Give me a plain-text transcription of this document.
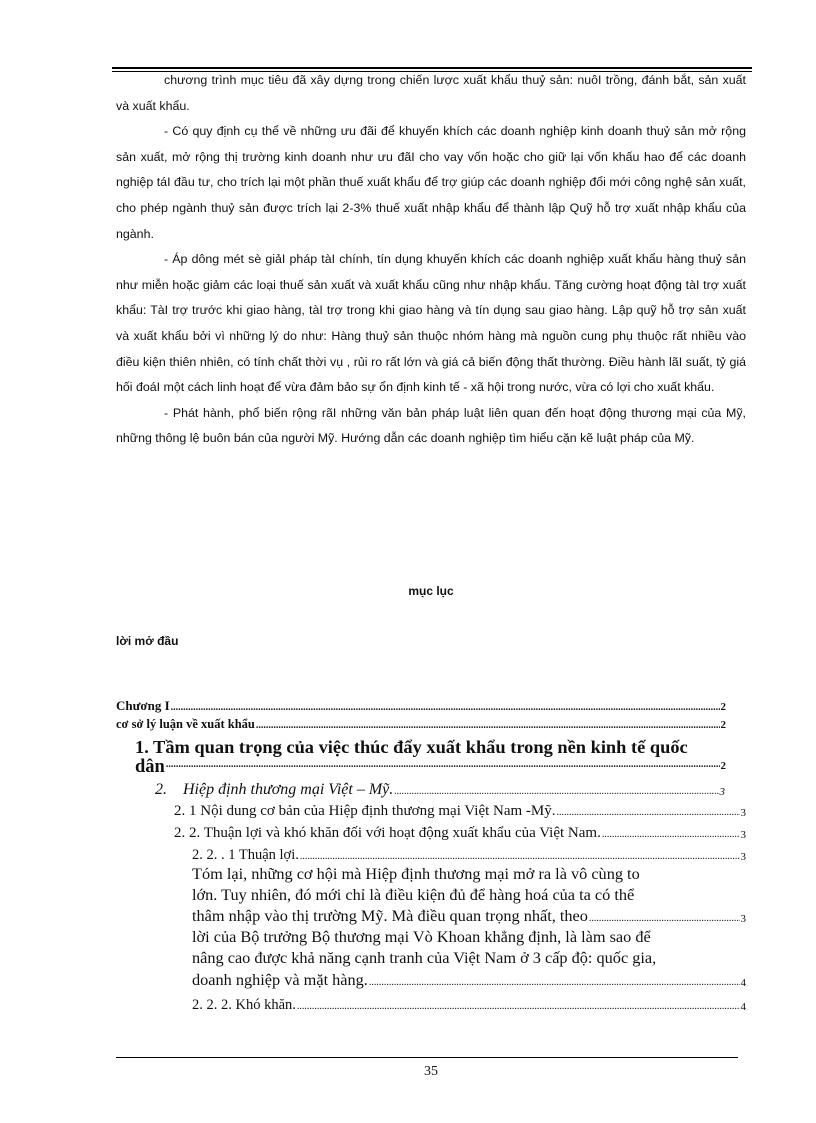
chương trình mục tiêu đã xây dựng trong chiến lược xuất khẩu thuỷ sản: nuôI trồng, đánh bắt, sản xuất và xuất khẩu.

- Có quy định cụ thể về những ưu đãi để khuyến khích các doanh nghiệp kinh doanh thuỷ sản mở rộng sản xuất, mở rộng thị trường kinh doanh như ưu đãI cho vay vốn hoặc cho giữ lại vốn khấu hao để các doanh nghiệp táI đầu tư, cho trích lại một phần thuế xuất khẩu để trợ giúp các doanh nghiệp đổi mới công nghệ sản xuất, cho phép ngành thuỷ sản được trích lại 2-3% thuế xuất nhập khẩu để thành lập Quỹ hỗ trợ xuất nhập khẩu của ngành.

- Áp dông mét sè giảI pháp tàI chính, tín dụng khuyến khích các doanh nghiệp xuất khẩu hàng thuỷ sản như miễn hoặc giảm các loại thuế sản xuất và xuất khẩu cũng như nhập khẩu. Tăng cường hoạt động tàI trợ xuất khẩu: TàI trợ trước khi giao hàng, tàI trợ trong khi giao hàng và tín dụng sau giao hàng. Lập quỹ hỗ trợ sản xuất và xuất khẩu bởi vì những lý do như: Hàng thuỷ sản thuộc nhóm hàng mà nguồn cung phụ thuộc rất nhiều vào điều kiện thiên nhiên, có tính chất thời vụ , rủi ro rất lớn và giá cả biến động thất thường. Điều hành lãI suất, tỷ giá hối đoáI một cách linh hoạt để vừa đảm bảo sự ổn định kinh tế - xã hội trong nước, vừa có lợi cho xuất khẩu.

- Phát hành, phổ biến rộng rãI những văn bản pháp luật liên quan đến hoạt động thương mại của Mỹ, những thông lệ buôn bán của người Mỹ. Hướng dẫn các doanh nghiệp tìm hiểu cặn kẽ luật pháp của Mỹ.

mục lục
lời mở đầu
Chương I .....	2
cơ sở lý luận về xuất khẩu .....	2
1. Tầm quan trọng của việc thúc đẩy xuất khẩu trong nền kinh tế quốc
dân .....	2
2.    Hiệp định thương mại Việt – Mỹ. .....	3
2. 1 Nội dung cơ bản của Hiệp định thương mại Việt Nam -Mỹ. .....	3
2. 2. Thuận lợi và khó khăn đối với hoạt động xuất khẩu của Việt Nam. .....	3
2. 2. . 1 Thuận lợi. .....	3
Tóm lại, những cơ hội mà Hiệp định thương mại mở ra là vô cùng to
lớn. Tuy nhiên, đó mới chỉ là điều kiện đủ để hàng hoá của ta có thể
thâm nhập vào thị trường Mỹ. Mà điều quan trọng nhất, theo .....	3
lời của Bộ trưởng Bộ thương mại Vò Khoan khẳng định, là làm sao để
nâng cao được khả năng cạnh tranh của Việt Nam ở 3 cấp độ: quốc gia,
doanh nghiệp và mặt hàng. .....	4
2. 2. 2. Khó khăn. .....	4
35
